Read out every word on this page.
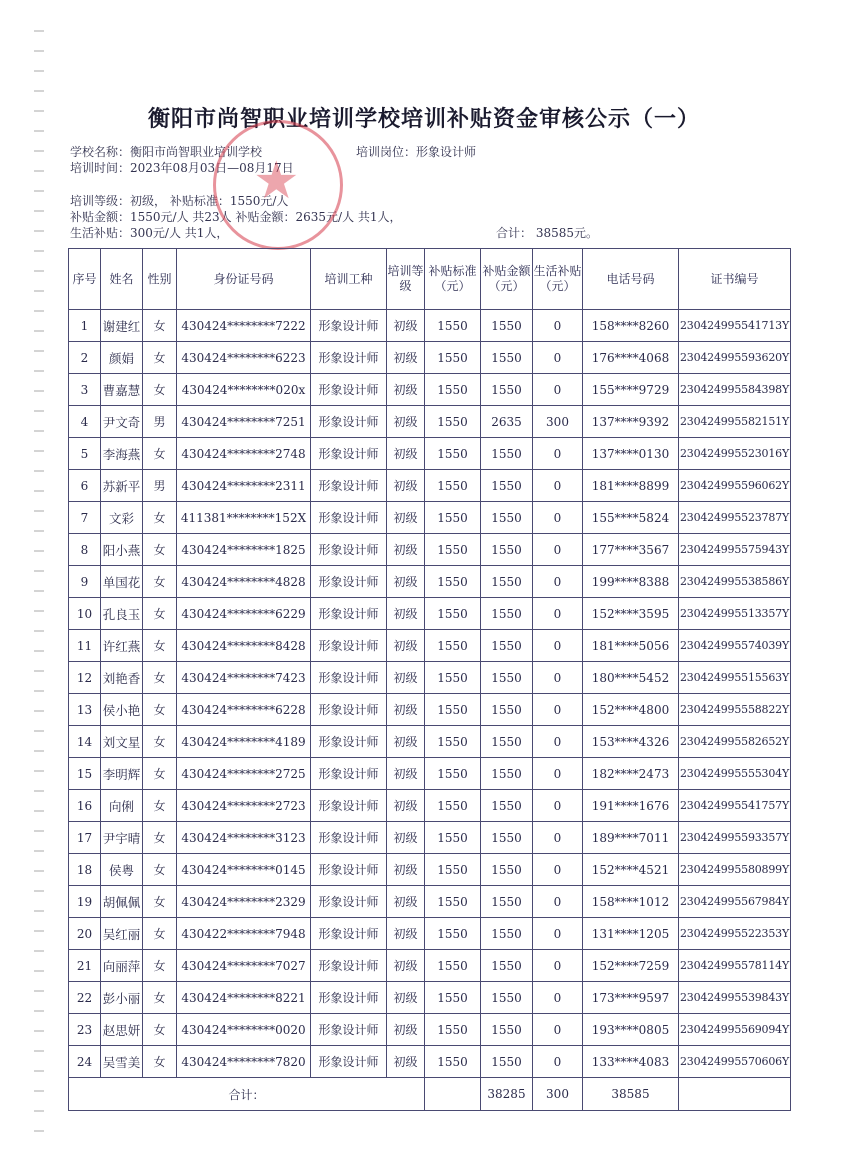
衡阳市尚智职业培训学校培训补贴资金审核公示（一）
学校名称：衡阳市尚智职业培训学校	培训岗位：形象设计师
培训时间：2023年08月03日—08月17日
培训等级：初级， 补贴标准：1550元/人
补贴金额：1550元/人 共23人 补贴金额：2635元/人 共1人，
生活补贴：300元/人 共1人，	合计： 38585元。
★
序号	姓名	性别	身份证号码	培训工种	培训等级	补贴标准（元）	补贴金额（元）	生活补贴（元）	电话号码	证书编号
1	谢建红	女	430424********7222	形象设计师	初级	1550	1550	0	158****8260	230424995541713Y
2	颜娟	女	430424********6223	形象设计师	初级	1550	1550	0	176****4068	230424995593620Y
3	曹嘉慧	女	430424********020x	形象设计师	初级	1550	1550	0	155****9729	230424995584398Y
4	尹文奇	男	430424********7251	形象设计师	初级	1550	2635	300	137****9392	230424995582151Y
5	李海燕	女	430424********2748	形象设计师	初级	1550	1550	0	137****0130	230424995523016Y
6	苏新平	男	430424********2311	形象设计师	初级	1550	1550	0	181****8899	230424995596062Y
7	文彩	女	411381********152X	形象设计师	初级	1550	1550	0	155****5824	230424995523787Y
8	阳小燕	女	430424********1825	形象设计师	初级	1550	1550	0	177****3567	230424995575943Y
9	单国花	女	430424********4828	形象设计师	初级	1550	1550	0	199****8388	230424995538586Y
10	孔良玉	女	430424********6229	形象设计师	初级	1550	1550	0	152****3595	230424995513357Y
11	许红燕	女	430424********8428	形象设计师	初级	1550	1550	0	181****5056	230424995574039Y
12	刘艳香	女	430424********7423	形象设计师	初级	1550	1550	0	180****5452	230424995515563Y
13	侯小艳	女	430424********6228	形象设计师	初级	1550	1550	0	152****4800	230424995558822Y
14	刘文星	女	430424********4189	形象设计师	初级	1550	1550	0	153****4326	230424995582652Y
15	李明辉	女	430424********2725	形象设计师	初级	1550	1550	0	182****2473	230424995555304Y
16	向俐	女	430424********2723	形象设计师	初级	1550	1550	0	191****1676	230424995541757Y
17	尹宇晴	女	430424********3123	形象设计师	初级	1550	1550	0	189****7011	230424995593357Y
18	侯粤	女	430424********0145	形象设计师	初级	1550	1550	0	152****4521	230424995580899Y
19	胡佩佩	女	430424********2329	形象设计师	初级	1550	1550	0	158****1012	230424995567984Y
20	吴红丽	女	430422********7948	形象设计师	初级	1550	1550	0	131****1205	230424995522353Y
21	向丽萍	女	430424********7027	形象设计师	初级	1550	1550	0	152****7259	230424995578114Y
22	彭小丽	女	430424********8221	形象设计师	初级	1550	1550	0	173****9597	230424995539843Y
23	赵思妍	女	430424********0020	形象设计师	初级	1550	1550	0	193****0805	230424995569094Y
24	吴雪美	女	430424********7820	形象设计师	初级	1550	1550	0	133****4083	230424995570606Y
合计：							38285	300	38585	
